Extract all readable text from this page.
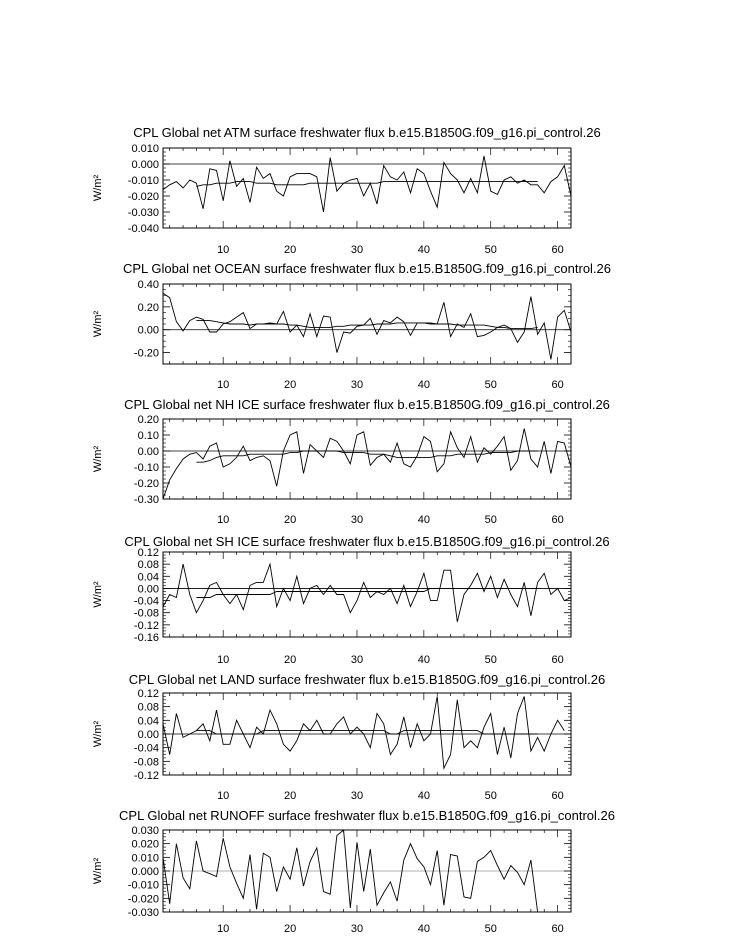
CPL Global net ATM surface freshwater flux b.e15.B1850G.f09_g16.pi_control.26
W/m²
0.010
0.000
-0.010
-0.020
-0.030
-0.040
10	20	30	40	50	60
CPL Global net OCEAN surface freshwater flux b.e15.B1850G.f09_g16.pi_control.26
W/m²
0.40
0.20
0.00
-0.20
10	20	30	40	50	60
CPL Global net NH ICE surface freshwater flux b.e15.B1850G.f09_g16.pi_control.26
W/m²
0.20
0.10
0.00
-0.10
-0.20
-0.30
10	20	30	40	50	60
CPL Global net SH ICE surface freshwater flux b.e15.B1850G.f09_g16.pi_control.26
W/m²
0.12
0.08
0.04
0.00
-0.04
-0.08
-0.12
-0.16
10	20	30	40	50	60
CPL Global net LAND surface freshwater flux b.e15.B1850G.f09_g16.pi_control.26
W/m²
0.12
0.08
0.04
0.00
-0.04
-0.08
-0.12
10	20	30	40	50	60
CPL Global net RUNOFF surface freshwater flux b.e15.B1850G.f09_g16.pi_control.26
W/m²
0.030
0.020
0.010
0.000
-0.010
-0.020
-0.030
10	20	30	40	50	60
